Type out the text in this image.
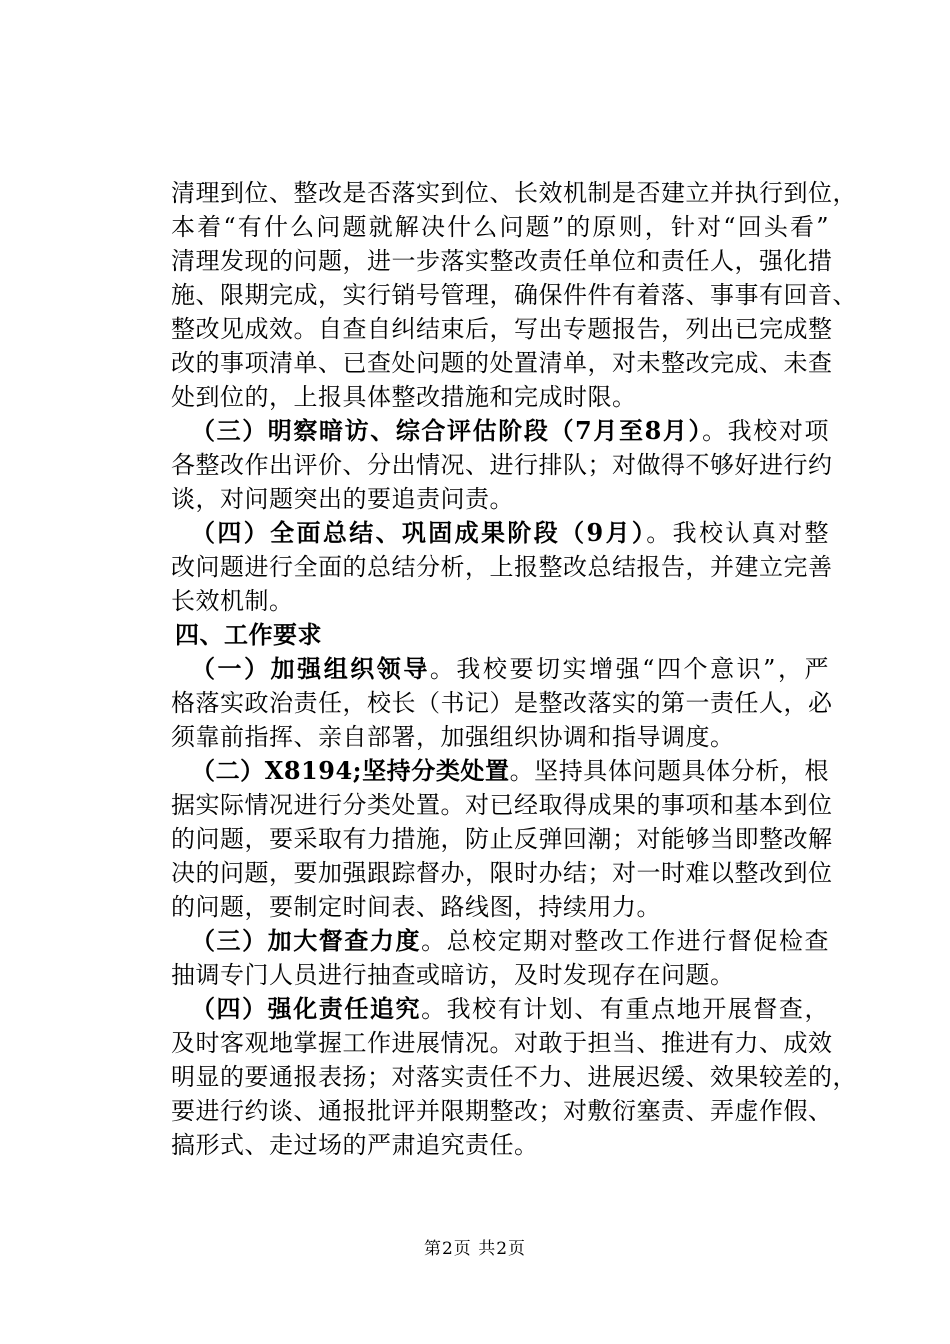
清理到位、整改是否落实到位、长效机制是否建立并执行到位，
本着“有什么问题就解决什么问题”的原则，针对“回头看”
清理发现的问题，进一步落实整改责任单位和责任人，强化措
施、限期完成，实行销号管理，确保件件有着落、事事有回音、
整改见成效。自查自纠结束后，写出专题报告，列出已完成整
改的事项清单、已查处问题的处置清单，对未整改完成、未查
处到位的，上报具体整改措施和完成时限。
（三）明察暗访、综合评估阶段（7月至8月）。我校对项
各整改作出评价、分出情况、进行排队；对做得不够好进行约
谈，对问题突出的要追责问责。
（四）全面总结、巩固成果阶段（9月）。我校认真对整
改问题进行全面的总结分析，上报整改总结报告，并建立完善
长效机制。
四、工作要求
（一）加强组织领导。我校要切实增强“四个意识”，严
格落实政治责任，校长（书记）是整改落实的第一责任人，必
须靠前指挥、亲自部署，加强组织协调和指导调度。
（二）X8194;坚持分类处置。坚持具体问题具体分析，根
据实际情况进行分类处置。对已经取得成果的事项和基本到位
的问题，要采取有力措施，防止反弹回潮；对能够当即整改解
决的问题，要加强跟踪督办，限时办结；对一时难以整改到位
的问题，要制定时间表、路线图，持续用力。
（三）加大督查力度。总校定期对整改工作进行督促检查
抽调专门人员进行抽查或暗访，及时发现存在问题。
（四）强化责任追究。我校有计划、有重点地开展督查，
及时客观地掌握工作进展情况。对敢于担当、推进有力、成效
明显的要通报表扬；对落实责任不力、进展迟缓、效果较差的，
要进行约谈、通报批评并限期整改；对敷衍塞责、弄虚作假、
搞形式、走过场的严肃追究责任。
第2页 共2页
